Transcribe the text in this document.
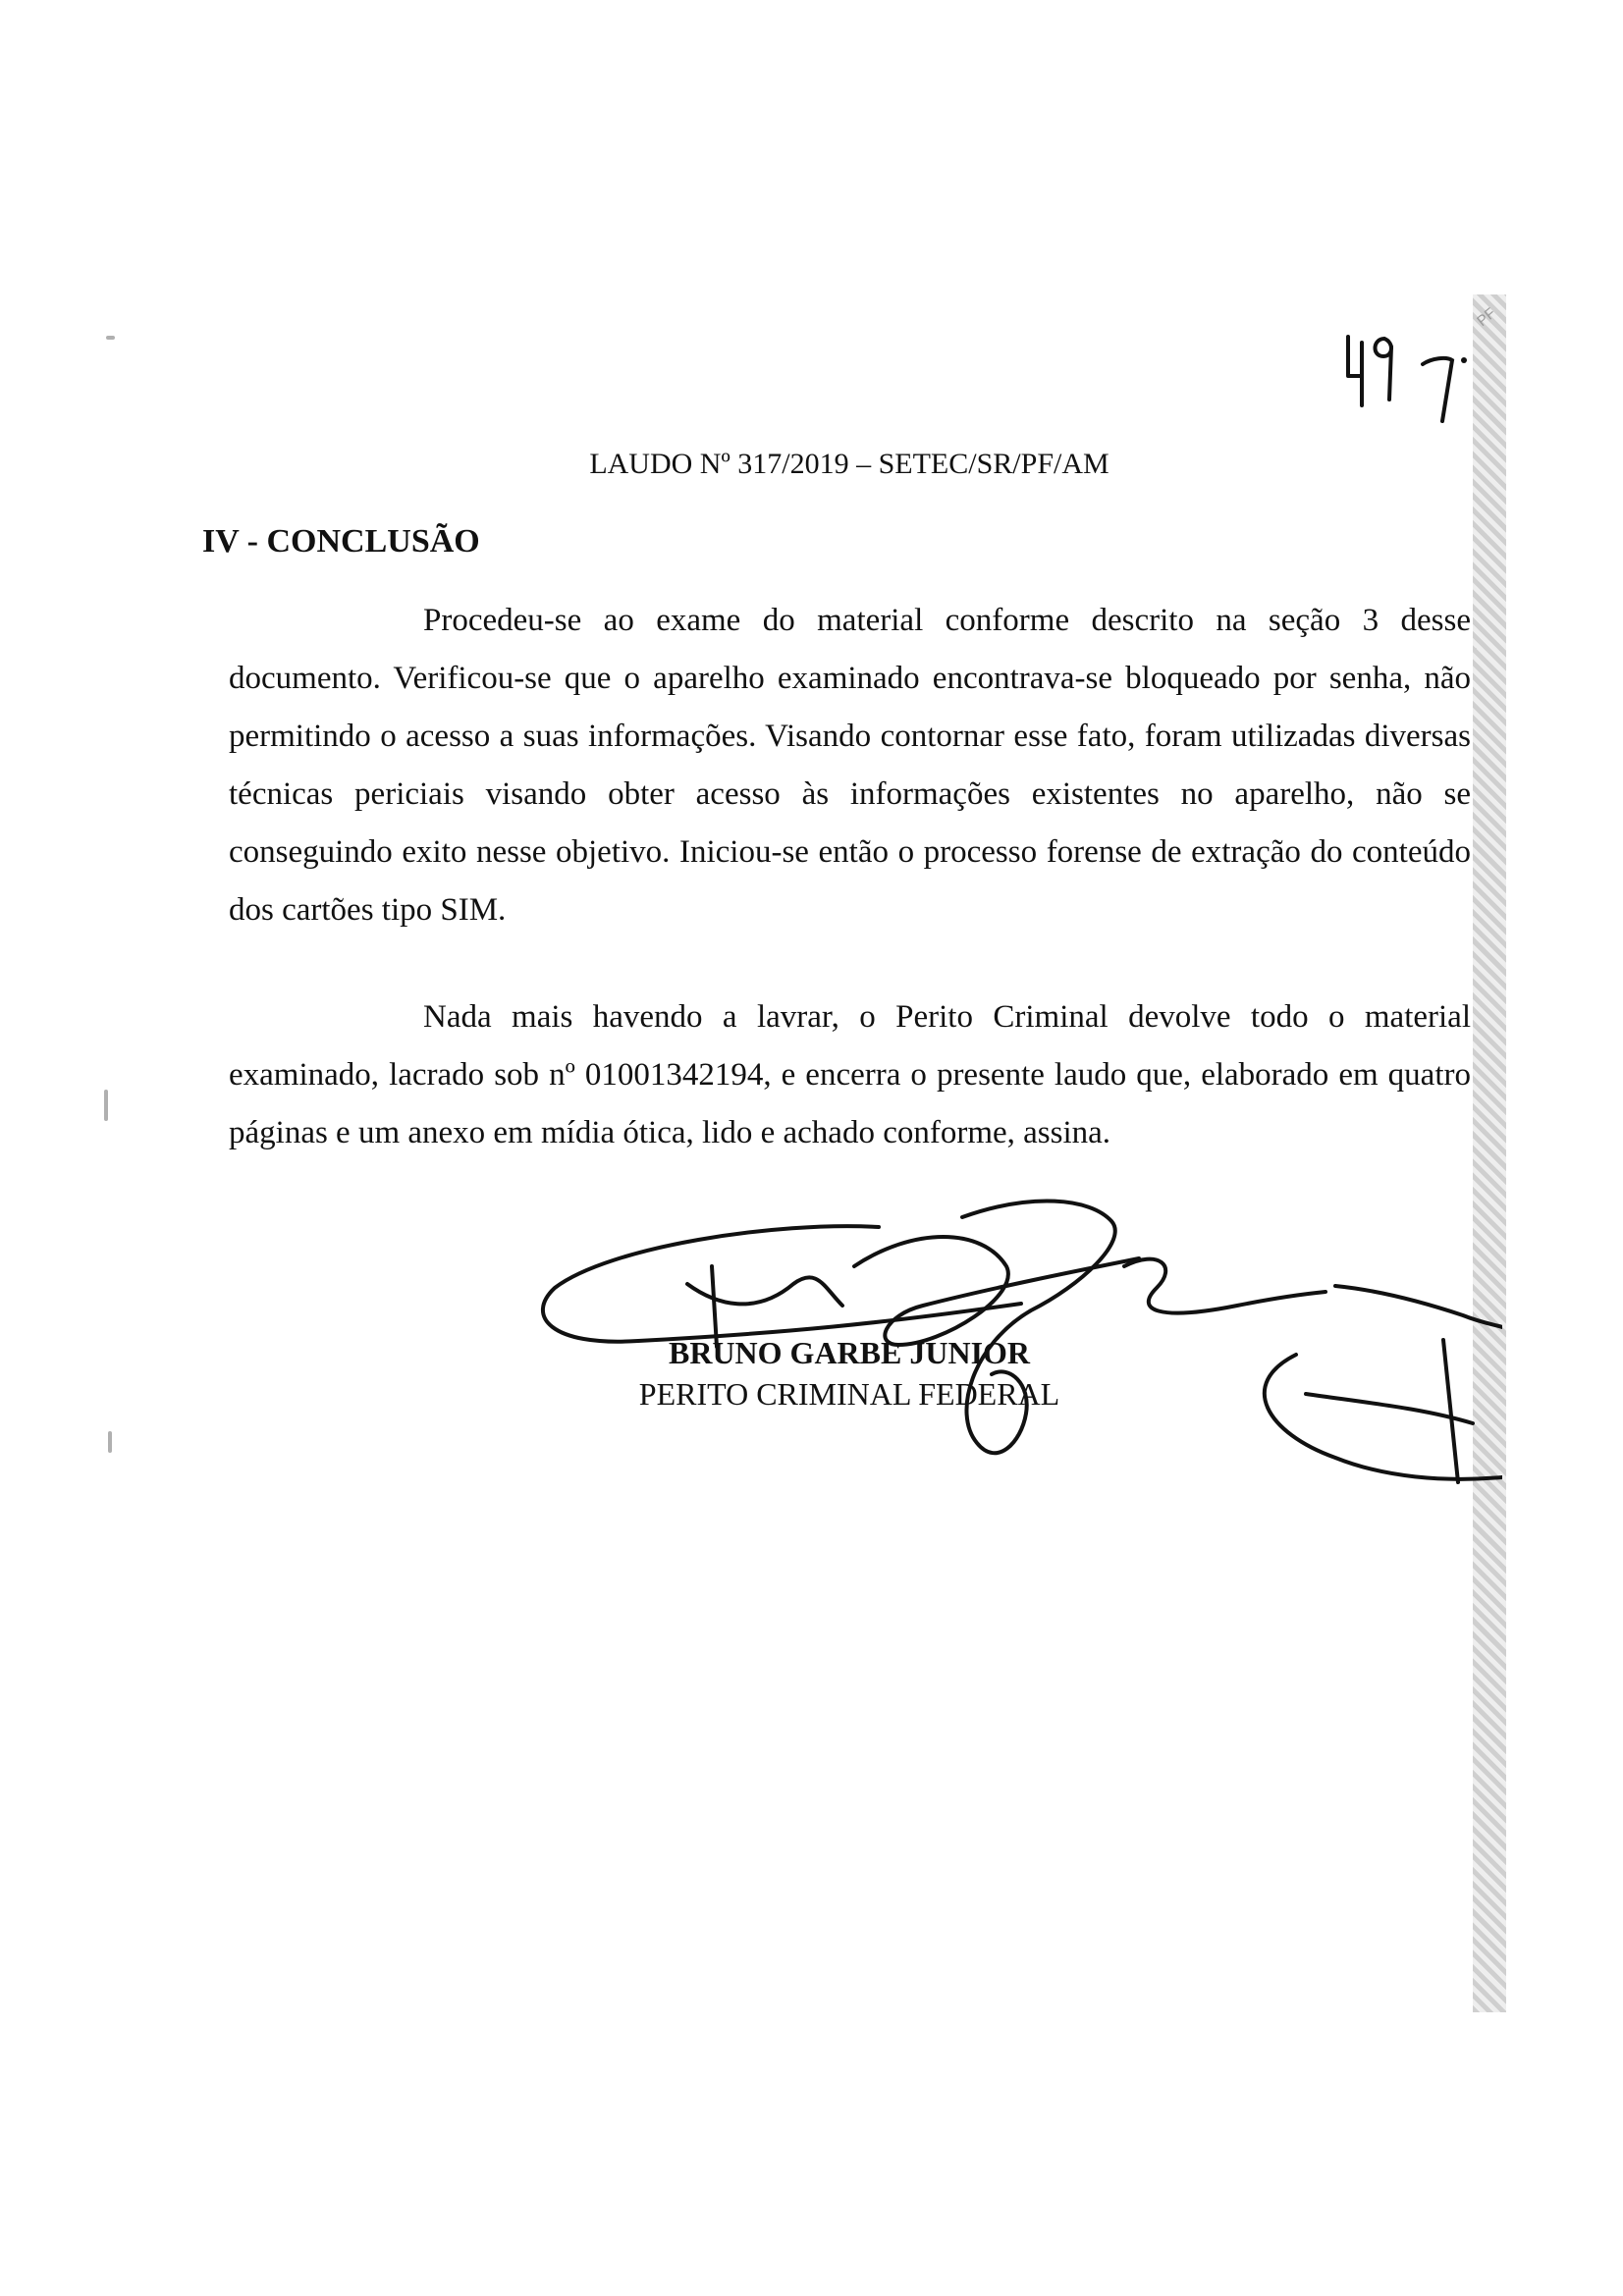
PF
LAUDO Nº 317/2019 – SETEC/SR/PF/AM
IV - CONCLUSÃO
Procedeu-se ao exame do material conforme descrito na seção 3 desse documento. Verificou-se que o aparelho examinado encontrava-se bloqueado por senha, não permitindo o acesso a suas informações. Visando contornar esse fato, foram utilizadas diversas técnicas periciais visando obter acesso às informações existentes no aparelho, não se conseguindo exito nesse objetivo. Iniciou-se então o processo forense de extração do conteúdo dos cartões tipo SIM.
Nada mais havendo a lavrar, o Perito Criminal devolve todo o material examinado, lacrado sob nº 01001342194, e encerra o presente laudo que, elaborado em quatro páginas e um anexo em mídia ótica, lido e achado conforme, assina.
BRUNO GARBE JUNIOR
PERITO CRIMINAL FEDERAL
